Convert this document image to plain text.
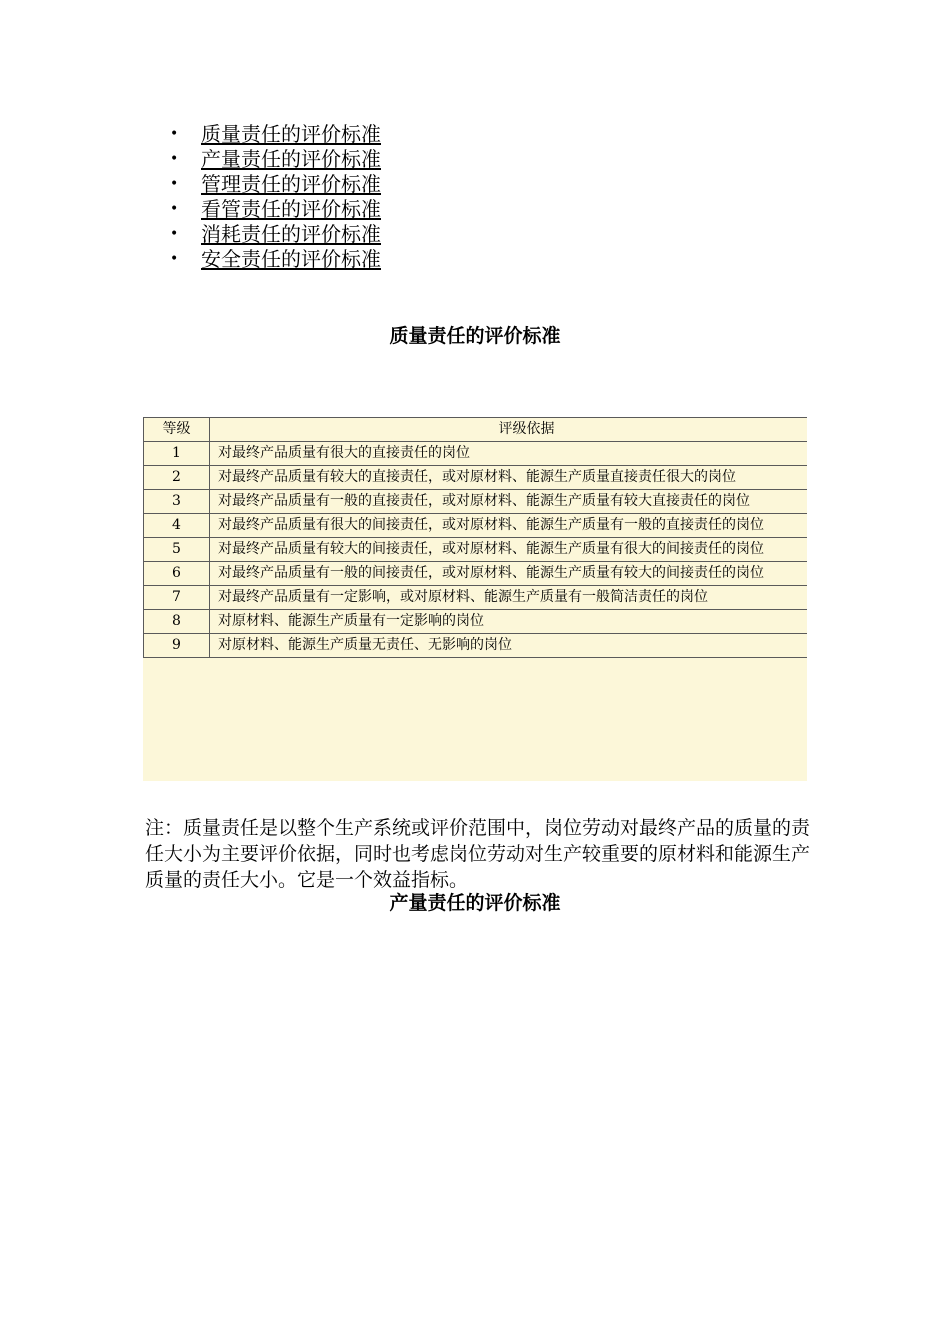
• 质量责任的评价标准
• 产量责任的评价标准
• 管理责任的评价标准
• 看管责任的评价标准
• 消耗责任的评价标准
• 安全责任的评价标准
质量责任的评价标准
等级	评级依据
1	对最终产品质量有很大的直接责任的岗位
2	对最终产品质量有较大的直接责任，或对原材料、能源生产质量直接责任很大的岗位
3	对最终产品质量有一般的直接责任，或对原材料、能源生产质量有较大直接责任的岗位
4	对最终产品质量有很大的间接责任，或对原材料、能源生产质量有一般的直接责任的岗位
5	对最终产品质量有较大的间接责任，或对原材料、能源生产质量有很大的间接责任的岗位
6	对最终产品质量有一般的间接责任，或对原材料、能源生产质量有较大的间接责任的岗位
7	对最终产品质量有一定影响，或对原材料、能源生产质量有一般简洁责任的岗位
8	对原材料、能源生产质量有一定影响的岗位
9	对原材料、能源生产质量无责任、无影响的岗位

注：质量责任是以整个生产系统或评价范围中，岗位劳动对最终产品的质量的责任大小为主要评价依据，同时也考虑岗位劳动对生产较重要的原材料和能源生产质量的责任大小。它是一个效益指标。

产量责任的评价标准
